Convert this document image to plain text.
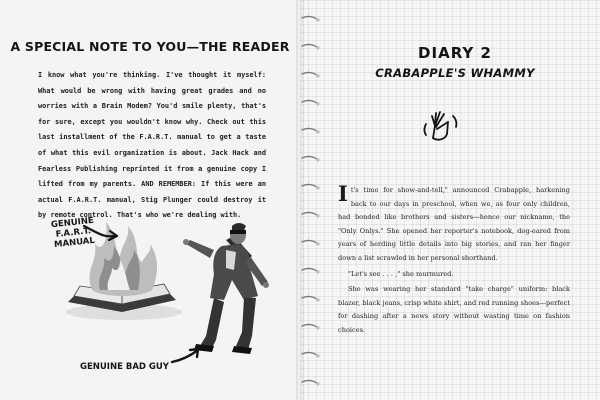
A SPECIAL NOTE TO YOU—THE READER

I know what you're thinking. I've thought it myself: What would be wrong with having great grades and no worries with a Brain Modem? You'd smile plenty, that's for sure, except you wouldn't know why. Check out this last installment of the F.A.R.T. manual to get a taste of what this evil organization is about. Jack Hack and Fearless Publishing reprinted it from a genuine copy I lifted from my parents. AND REMEMBER: If this were an actual F.A.R.T. manual, Stig Plunger could destroy it by remote control. That's who we're dealing with.

GENUINE
F.A.R.T.
MANUAL
GENUINE BAD GUY
DIARY 2
CRABAPPLE'S WHAMMY

It's time for show-and-tell," announced Crabapple, harkening back to our days in preschool, when we, as four only children, had bonded like brothers and sisters—hence our nickname, the "Only Onlys." She opened her reporter's notebook, dog-eared from years of herding little details into big stories, and ran her finger down a list scrawled in her personal shorthand.

"Let's see . . . ," she murmured.

She was wearing her standard "take charge" uniform: black blazer, black jeans, crisp white shirt, and red running shoes—perfect for dashing after a news story without wasting time on fashion choices.
